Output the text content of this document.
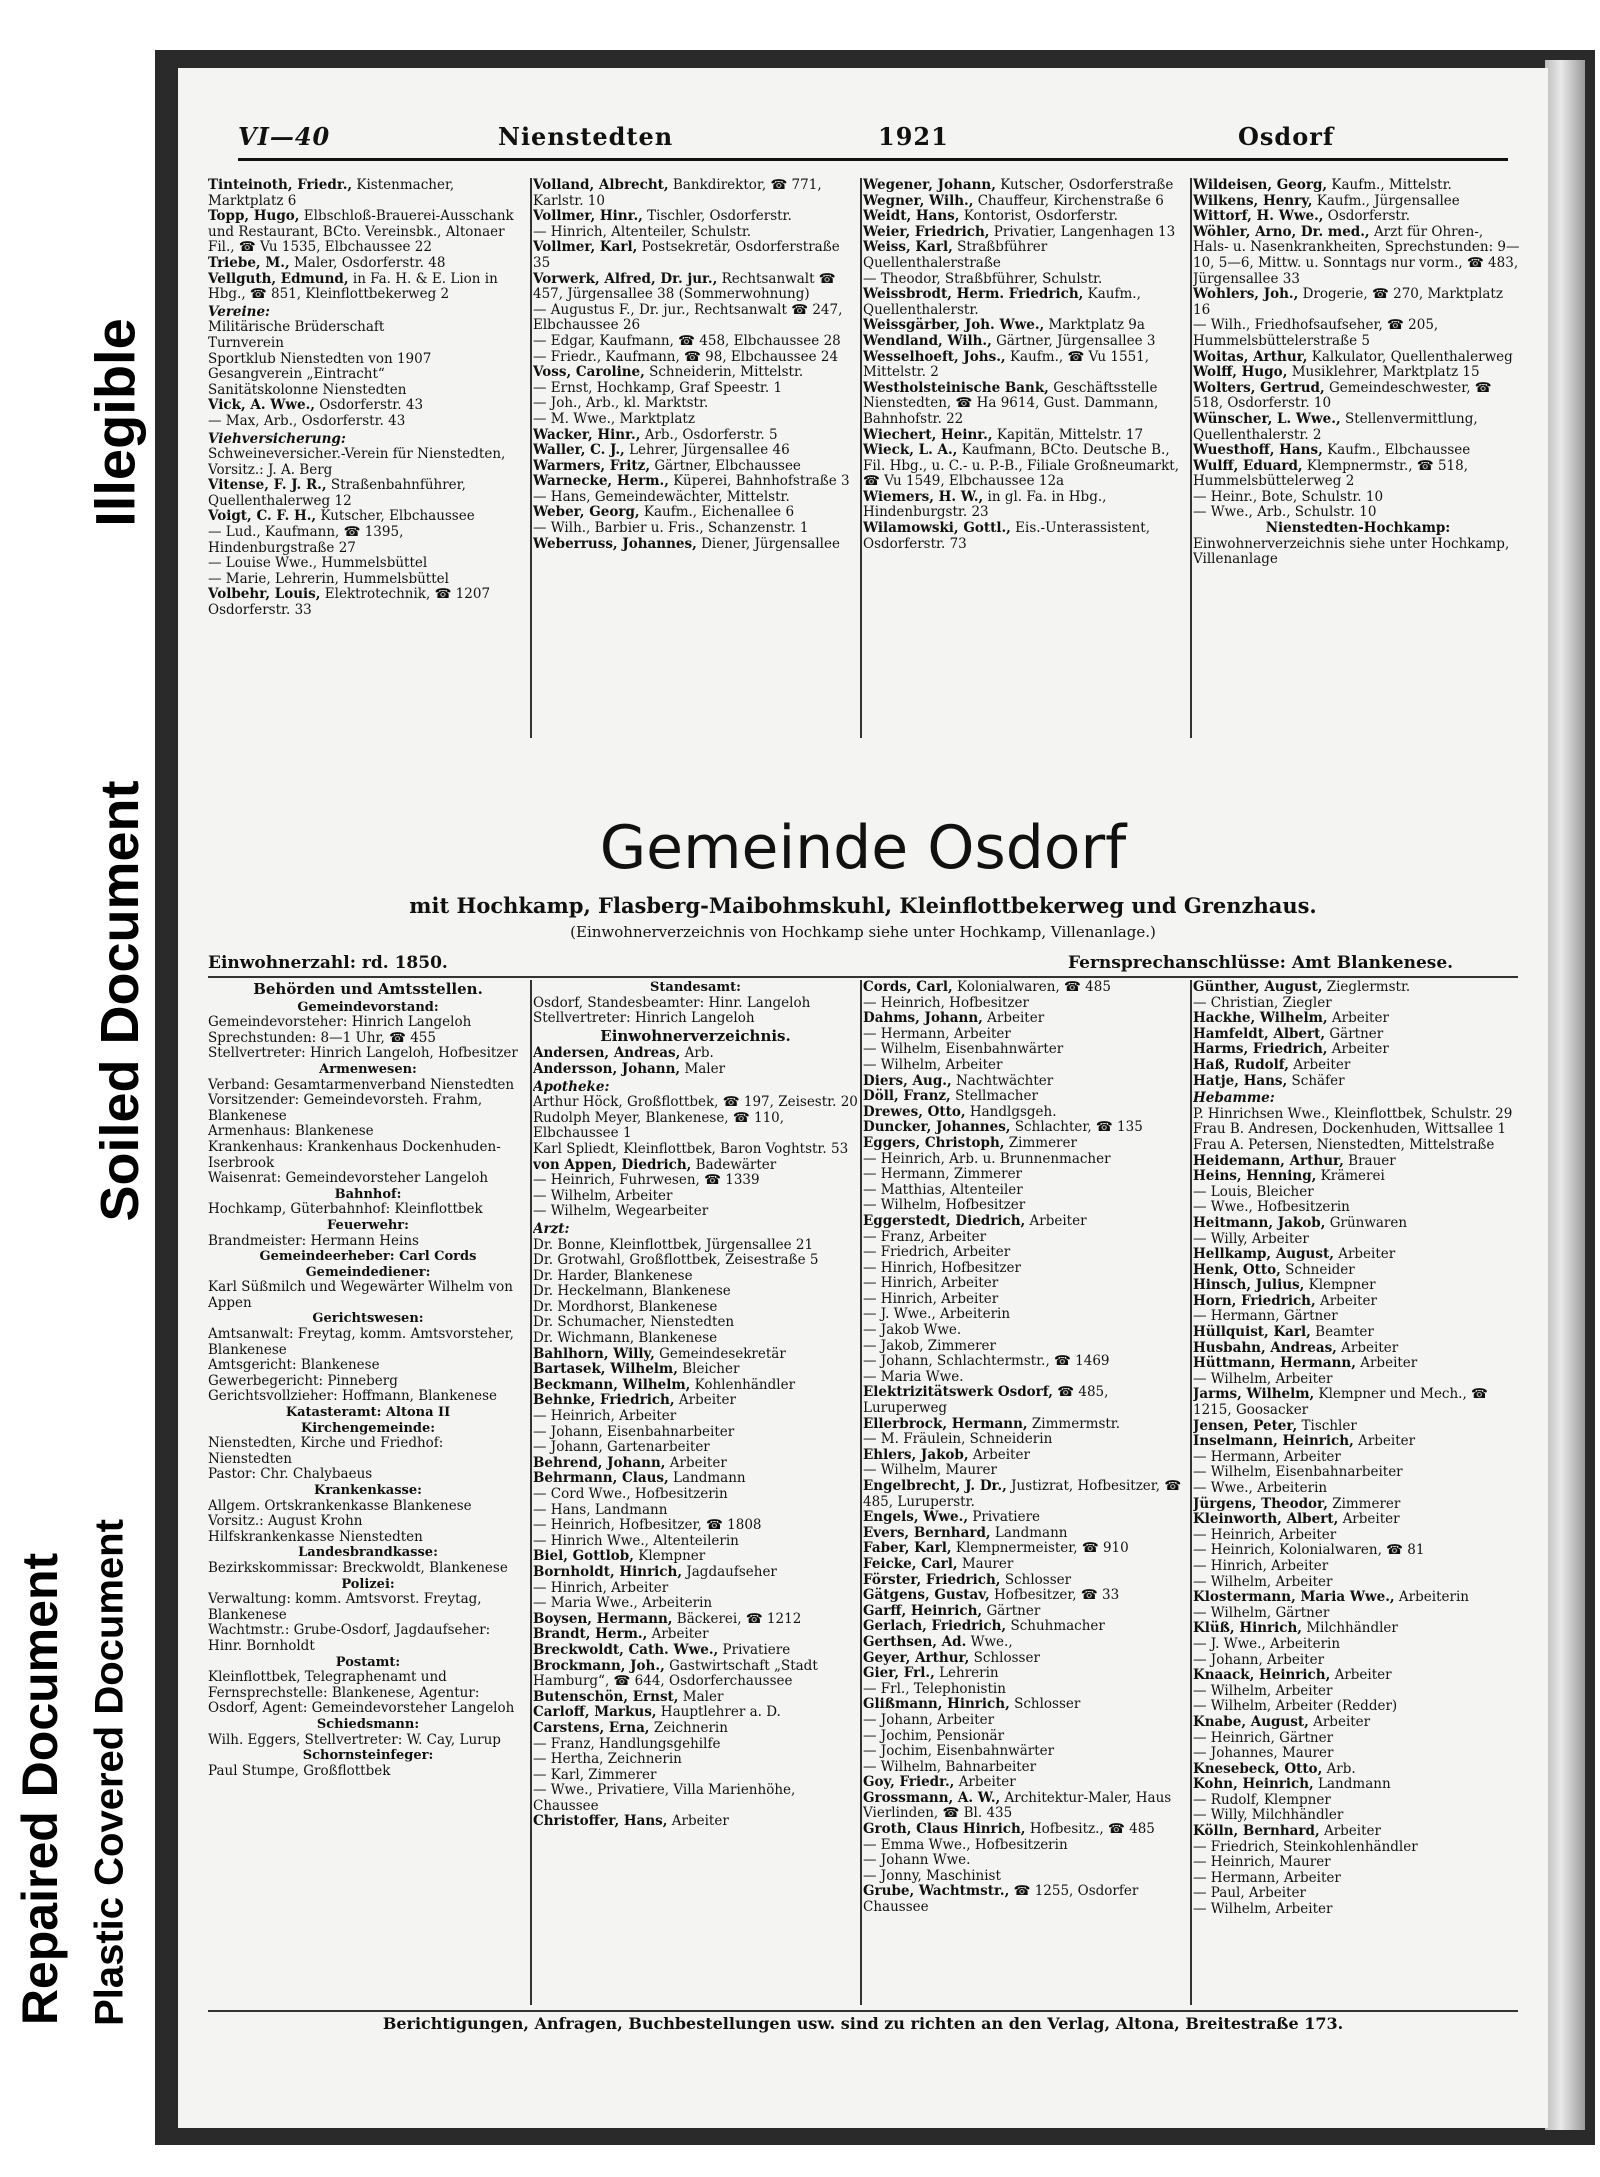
Illegible
Soiled Document
Repaired Document Plastic Covered Document
VI—40	Nienstedten	1921	Osdorf
Tinteinoth, Friedr., Kistenmacher, Marktplatz 6
Topp, Hugo, Elbschloß-Brauerei-Ausschank und Restaurant, BCto. Vereinsbk., Altonaer Fil., ☎ Vu 1535, Elbchaussee 22
Triebe, M., Maler, Osdorferstr. 48
Vellguth, Edmund, in Fa. H. & E. Lion in Hbg., ☎ 851, Kleinflottbekerweg 2
Vereine:
Militärische Brüderschaft
Turnverein
Sportklub Nienstedten von 1907
Gesangverein „Eintracht“
Sanitätskolonne Nienstedten
Vick, A. Wwe., Osdorferstr. 43
— Max, Arb., Osdorferstr. 43
Viehversicherung:
Schweineversicher.-Verein für Nienstedten, Vorsitz.: J. A. Berg
Vitense, F. J. R., Straßenbahnführer, Quellenthalerweg 12
Voigt, C. F. H., Kutscher, Elbchaussee
— Lud., Kaufmann, ☎ 1395, Hindenburgstraße 27
— Louise Wwe., Hummelsbüttel
— Marie, Lehrerin, Hummelsbüttel
Volbehr, Louis, Elektrotechnik, ☎ 1207 Osdorferstr. 33
Volland, Albrecht, Bankdirektor, ☎ 771, Karlstr. 10
Vollmer, Hinr., Tischler, Osdorferstr.
— Hinrich, Altenteiler, Schulstr.
Vollmer, Karl, Postsekretär, Osdorferstraße 35
Vorwerk, Alfred, Dr. jur., Rechtsanwalt ☎ 457, Jürgensallee 38 (Sommerwohnung)
— Augustus F., Dr. jur., Rechtsanwalt ☎ 247, Elbchaussee 26
— Edgar, Kaufmann, ☎ 458, Elbchaussee 28
— Friedr., Kaufmann, ☎ 98, Elbchaussee 24
Voss, Caroline, Schneiderin, Mittelstr.
— Ernst, Hochkamp, Graf Speestr. 1
— Joh., Arb., kl. Marktstr.
— M. Wwe., Marktplatz
Wacker, Hinr., Arb., Osdorferstr. 5
Waller, C. J., Lehrer, Jürgensallee 46
Warmers, Fritz, Gärtner, Elbchaussee
Warnecke, Herm., Küperei, Bahnhofstraße 3
— Hans, Gemeindewächter, Mittelstr.
Weber, Georg, Kaufm., Eichenallee 6
— Wilh., Barbier u. Fris., Schanzenstr. 1
Weberruss, Johannes, Diener, Jürgensallee
Wegener, Johann, Kutscher, Osdorferstraße
Wegner, Wilh., Chauffeur, Kirchenstraße 6
Weidt, Hans, Kontorist, Osdorferstr.
Weier, Friedrich, Privatier, Langenhagen 13
Weiss, Karl, Straßbführer Quellenthalerstraße
— Theodor, Straßbführer, Schulstr.
Weissbrodt, Herm. Friedrich, Kaufm., Quellenthalerstr.
Weissgärber, Joh. Wwe., Marktplatz 9a
Wendland, Wilh., Gärtner, Jürgensallee 3
Wesselhoeft, Johs., Kaufm., ☎ Vu 1551, Mittelstr. 2
Westholsteinische Bank, Geschäftsstelle Nienstedten, ☎ Ha 9614, Gust. Dammann, Bahnhofstr. 22
Wiechert, Heinr., Kapitän, Mittelstr. 17
Wieck, L. A., Kaufmann, BCto. Deutsche B., Fil. Hbg., u. C.- u. P.-B., Filiale Großneumarkt, ☎ Vu 1549, Elbchaussee 12a
Wiemers, H. W., in gl. Fa. in Hbg., Hindenburgstr. 23
Wilamowski, Gottl., Eis.-Unterassistent, Osdorferstr. 73
Wildeisen, Georg, Kaufm., Mittelstr.
Wilkens, Henry, Kaufm., Jürgensallee
Wittorf, H. Wwe., Osdorferstr.
Wöhler, Arno, Dr. med., Arzt für Ohren-, Hals- u. Nasenkrankheiten, Sprechstunden: 9—10, 5—6, Mittw. u. Sonntags nur vorm., ☎ 483, Jürgensallee 33
Wohlers, Joh., Drogerie, ☎ 270, Marktplatz 16
— Wilh., Friedhofsaufseher, ☎ 205, Hummelsbüttelerstraße 5
Woitas, Arthur, Kalkulator, Quellenthalerweg
Wolff, Hugo, Musiklehrer, Marktplatz 15
Wolters, Gertrud, Gemeindeschwester, ☎ 518, Osdorferstr. 10
Wünscher, L. Wwe., Stellenvermittlung, Quellenthalerstr. 2
Wuesthoff, Hans, Kaufm., Elbchaussee
Wulff, Eduard, Klempnermstr., ☎ 518, Hummelsbüttelerweg 2
— Heinr., Bote, Schulstr. 10
— Wwe., Arb., Schulstr. 10
Nienstedten-Hochkamp:
Einwohnerverzeichnis siehe unter Hochkamp, Villenanlage
Gemeinde Osdorf
mit Hochkamp, Flasberg-Maibohmskuhl, Kleinflottbekerweg und Grenzhaus.
(Einwohnerverzeichnis von Hochkamp siehe unter Hochkamp, Villenanlage.)
Einwohnerzahl: rd. 1850.	Fernsprechanschlüsse: Amt Blankenese.
Behörden und Amtsstellen.
Gemeindevorstand:
Gemeindevorsteher: Hinrich Langeloh Sprechstunden: 8—1 Uhr, ☎ 455
Stellvertreter: Hinrich Langeloh, Hofbesitzer
Armenwesen:
Verband: Gesamtarmenverband Nienstedten
Vorsitzender: Gemeindevorsteh. Frahm, Blankenese
Armenhaus: Blankenese
Krankenhaus: Krankenhaus Dockenhuden-Iserbrook
Waisenrat: Gemeindevorsteher Langeloh
Bahnhof:
Hochkamp, Güterbahnhof: Kleinflottbek
Feuerwehr:
Brandmeister: Hermann Heins
Gemeindeerheber: Carl Cords
Gemeindediener:
Karl Süßmilch und Wegewärter Wilhelm von Appen
Gerichtswesen:
Amtsanwalt: Freytag, komm. Amtsvorsteher, Blankenese
Amtsgericht: Blankenese
Gewerbegericht: Pinneberg
Gerichtsvollzieher: Hoffmann, Blankenese
Katasteramt: Altona II
Kirchengemeinde:
Nienstedten, Kirche und Friedhof: Nienstedten
Pastor: Chr. Chalybaeus
Krankenkasse:
Allgem. Ortskrankenkasse Blankenese
Vorsitz.: August Krohn
Hilfskrankenkasse Nienstedten
Landesbrandkasse:
Bezirkskommissar: Breckwoldt, Blankenese
Polizei:
Verwaltung: komm. Amtsvorst. Freytag, Blankenese
Wachtmstr.: Grube-Osdorf, Jagdaufseher: Hinr. Bornholdt
Postamt:
Kleinflottbek, Telegraphenamt und Fernsprechstelle: Blankenese, Agentur: Osdorf, Agent: Gemeindevorsteher Langeloh
Schiedsmann:
Wilh. Eggers, Stellvertreter: W. Cay, Lurup
Schornsteinfeger:
Paul Stumpe, Großflottbek
Standesamt:
Osdorf, Standesbeamter: Hinr. Langeloh
Stellvertreter: Hinrich Langeloh
Einwohnerverzeichnis.
Andersen, Andreas, Arb.
Andersson, Johann, Maler
Apotheke:
Arthur Höck, Großflottbek, ☎ 197, Zeisestr. 20
Rudolph Meyer, Blankenese, ☎ 110, Elbchaussee 1
Karl Spliedt, Kleinflottbek, Baron Voghtstr. 53
von Appen, Diedrich, Badewärter
— Heinrich, Fuhrwesen, ☎ 1339
— Wilhelm, Arbeiter
— Wilhelm, Wegearbeiter
Arzt:
Dr. Bonne, Kleinflottbek, Jürgensallee 21
Dr. Grotwahl, Großflottbek, Zeisestraße 5
Dr. Harder, Blankenese
Dr. Heckelmann, Blankenese
Dr. Mordhorst, Blankenese
Dr. Schumacher, Nienstedten
Dr. Wichmann, Blankenese
Bahlhorn, Willy, Gemeindesekretär
Bartasek, Wilhelm, Bleicher
Beckmann, Wilhelm, Kohlenhändler
Behnke, Friedrich, Arbeiter
— Heinrich, Arbeiter
— Johann, Eisenbahnarbeiter
— Johann, Gartenarbeiter
Behrend, Johann, Arbeiter
Behrmann, Claus, Landmann
— Cord Wwe., Hofbesitzerin
— Hans, Landmann
— Heinrich, Hofbesitzer, ☎ 1808
— Hinrich Wwe., Altenteilerin
Biel, Gottlob, Klempner
Bornholdt, Hinrich, Jagdaufseher
— Hinrich, Arbeiter
— Maria Wwe., Arbeiterin
Boysen, Hermann, Bäckerei, ☎ 1212
Brandt, Herm., Arbeiter
Breckwoldt, Cath. Wwe., Privatiere
Brockmann, Joh., Gastwirtschaft „Stadt Hamburg“, ☎ 644, Osdorferchaussee
Butenschön, Ernst, Maler
Carloff, Markus, Hauptlehrer a. D.
Carstens, Erna, Zeichnerin
— Franz, Handlungsgehilfe
— Hertha, Zeichnerin
— Karl, Zimmerer
— Wwe., Privatiere, Villa Marienhöhe, Chaussee
Christoffer, Hans, Arbeiter
Cords, Carl, Kolonialwaren, ☎ 485
— Heinrich, Hofbesitzer
Dahms, Johann, Arbeiter
— Hermann, Arbeiter
— Wilhelm, Eisenbahnwärter
— Wilhelm, Arbeiter
Diers, Aug., Nachtwächter
Döll, Franz, Stellmacher
Drewes, Otto, Handlgsgeh.
Duncker, Johannes, Schlachter, ☎ 135
Eggers, Christoph, Zimmerer
— Heinrich, Arb. u. Brunnenmacher
— Hermann, Zimmerer
— Matthias, Altenteiler
— Wilhelm, Hofbesitzer
Eggerstedt, Diedrich, Arbeiter
— Franz, Arbeiter
— Friedrich, Arbeiter
— Hinrich, Hofbesitzer
— Hinrich, Arbeiter
— Hinrich, Arbeiter
— J. Wwe., Arbeiterin
— Jakob Wwe.
— Jakob, Zimmerer
— Johann, Schlachtermstr., ☎ 1469
— Maria Wwe.
Elektrizitätswerk Osdorf, ☎ 485, Luruperweg
Ellerbrock, Hermann, Zimmermstr.
— M. Fräulein, Schneiderin
Ehlers, Jakob, Arbeiter
— Wilhelm, Maurer
Engelbrecht, J. Dr., Justizrat, Hofbesitzer, ☎ 485, Luruperstr.
Engels, Wwe., Privatiere
Evers, Bernhard, Landmann
Faber, Karl, Klempnermeister, ☎ 910
Feicke, Carl, Maurer
Förster, Friedrich, Schlosser
Gätgens, Gustav, Hofbesitzer, ☎ 33
Garff, Heinrich, Gärtner
Gerlach, Friedrich, Schuhmacher
Gerthsen, Ad. Wwe.,
Geyer, Arthur, Schlosser
Gier, Frl., Lehrerin
— Frl., Telephonistin
Glißmann, Hinrich, Schlosser
— Johann, Arbeiter
— Jochim, Pensionär
— Jochim, Eisenbahnwärter
— Wilhelm, Bahnarbeiter
Goy, Friedr., Arbeiter
Grossmann, A. W., Architektur-Maler, Haus Vierlinden, ☎ Bl. 435
Groth, Claus Hinrich, Hofbesitz., ☎ 485
— Emma Wwe., Hofbesitzerin
— Johann Wwe.
— Jonny, Maschinist
Grube, Wachtmstr., ☎ 1255, Osdorfer Chaussee
Günther, August, Zieglermstr.
— Christian, Ziegler
Hackhe, Wilhelm, Arbeiter
Hamfeldt, Albert, Gärtner
Harms, Friedrich, Arbeiter
Haß, Rudolf, Arbeiter
Hatje, Hans, Schäfer
Hebamme:
P. Hinrichsen Wwe., Kleinflottbek, Schulstr. 29
Frau B. Andresen, Dockenhuden, Wittsallee 1
Frau A. Petersen, Nienstedten, Mittelstraße
Heidemann, Arthur, Brauer
Heins, Henning, Krämerei
— Louis, Bleicher
— Wwe., Hofbesitzerin
Heitmann, Jakob, Grünwaren
— Willy, Arbeiter
Hellkamp, August, Arbeiter
Henk, Otto, Schneider
Hinsch, Julius, Klempner
Horn, Friedrich, Arbeiter
— Hermann, Gärtner
Hüllquist, Karl, Beamter
Husbahn, Andreas, Arbeiter
Hüttmann, Hermann, Arbeiter
— Wilhelm, Arbeiter
Jarms, Wilhelm, Klempner und Mech., ☎ 1215, Goosacker
Jensen, Peter, Tischler
Inselmann, Heinrich, Arbeiter
— Hermann, Arbeiter
— Wilhelm, Eisenbahnarbeiter
— Wwe., Arbeiterin
Jürgens, Theodor, Zimmerer
Kleinworth, Albert, Arbeiter
— Heinrich, Arbeiter
— Heinrich, Kolonialwaren, ☎ 81
— Hinrich, Arbeiter
— Wilhelm, Arbeiter
Klostermann, Maria Wwe., Arbeiterin
— Wilhelm, Gärtner
Klüß, Hinrich, Milchhändler
— J. Wwe., Arbeiterin
— Johann, Arbeiter
Knaack, Heinrich, Arbeiter
— Wilhelm, Arbeiter
— Wilhelm, Arbeiter (Redder)
Knabe, August, Arbeiter
— Heinrich, Gärtner
— Johannes, Maurer
Knesebeck, Otto, Arb.
Kohn, Heinrich, Landmann
— Rudolf, Klempner
— Willy, Milchhändler
Kölln, Bernhard, Arbeiter
— Friedrich, Steinkohlenhändler
— Heinrich, Maurer
— Hermann, Arbeiter
— Paul, Arbeiter
— Wilhelm, Arbeiter
Berichtigungen, Anfragen, Buchbestellungen usw. sind zu richten an den Verlag, Altona, Breitestraße 173.
